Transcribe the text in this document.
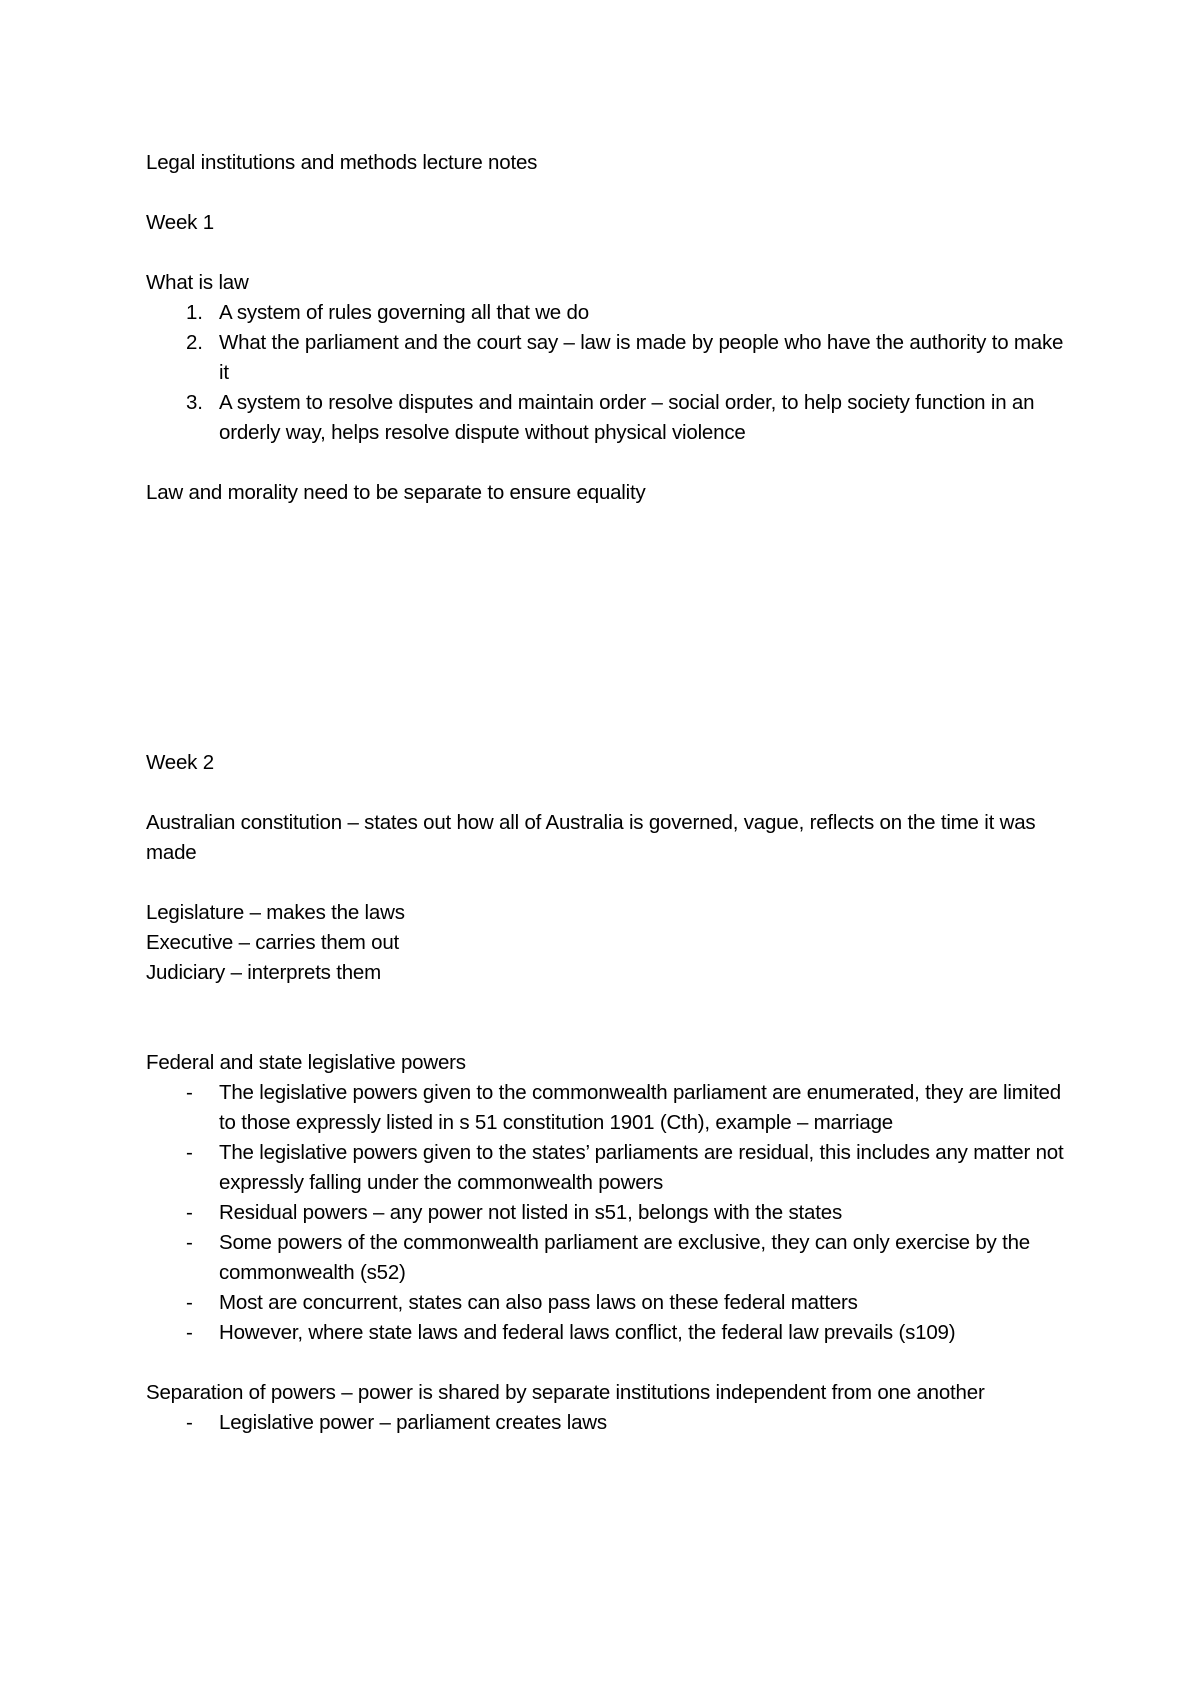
Legal institutions and methods lecture notes

Week 1

What is law

1. A system of rules governing all that we do
2. What the parliament and the court say – law is made by people who have the authority to make it
3. A system to resolve disputes and maintain order – social order, to help society function in an orderly way, helps resolve dispute without physical violence

Law and morality need to be separate to ensure equality

Week 2

Australian constitution – states out how all of Australia is governed, vague, reflects on the time it was made

Legislature – makes the laws

Executive – carries them out

Judiciary – interprets them

Federal and state legislative powers

- The legislative powers given to the commonwealth parliament are enumerated, they are limited to those expressly listed in s 51 constitution 1901 (Cth), example – marriage
- The legislative powers given to the states’ parliaments are residual, this includes any matter not expressly falling under the commonwealth powers
- Residual powers – any power not listed in s51, belongs with the states
- Some powers of the commonwealth parliament are exclusive, they can only exercise by the commonwealth (s52)
- Most are concurrent, states can also pass laws on these federal matters
- However, where state laws and federal laws conflict, the federal law prevails (s109)

Separation of powers – power is shared by separate institutions independent from one another

- Legislative power – parliament creates laws
